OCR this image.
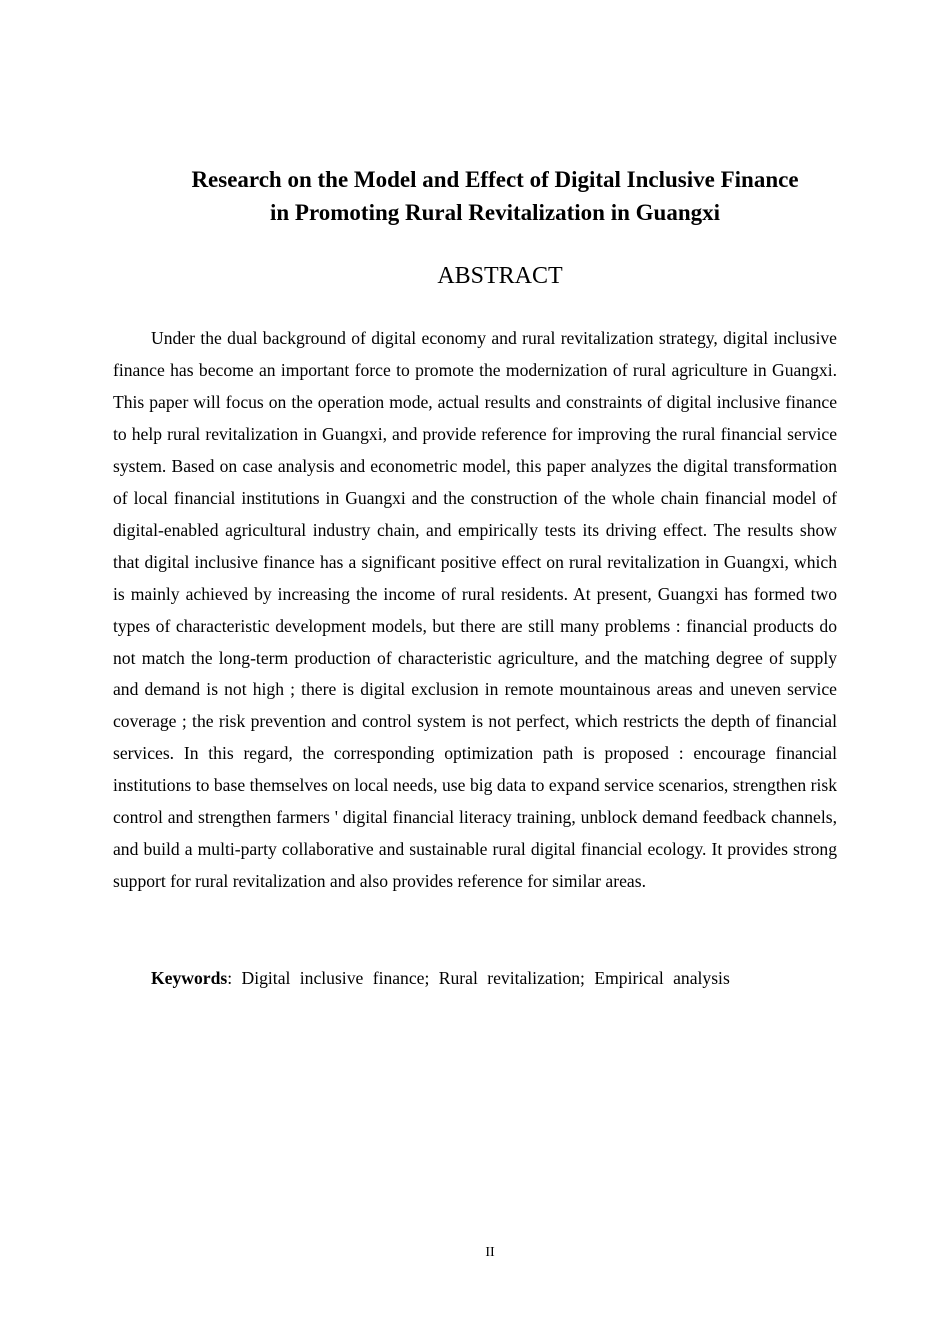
Research on the Model and Effect of Digital Inclusive Finance
in Promoting Rural Revitalization in Guangxi
ABSTRACT

Under the dual background of digital economy and rural revitalization strategy, digital inclusive finance has become an important force to promote the modernization of rural agriculture in Guangxi. This paper will focus on the operation mode, actual results and constraints of digital inclusive finance to help rural revitalization in Guangxi, and provide reference for improving the rural financial service system. Based on case analysis and econometric model, this paper analyzes the digital transformation of local financial institutions in Guangxi and the construction of the whole chain financial model of digital-enabled agricultural industry chain, and empirically tests its driving effect. The results show that digital inclusive finance has a significant positive effect on rural revitalization in Guangxi, which is mainly achieved by increasing the income of rural residents. At present, Guangxi has formed two types of characteristic development models, but there are still many problems : financial products do not match the long-term production of characteristic agriculture, and the matching degree of supply and demand is not high ; there is digital exclusion in remote mountainous areas and uneven service coverage ; the risk prevention and control system is not perfect, which restricts the depth of financial services. In this regard, the corresponding optimization path is proposed : encourage financial institutions to base themselves on local needs, use big data to expand service scenarios, strengthen risk control and strengthen farmers ' digital financial literacy training, unblock demand feedback channels, and build a multi-party collaborative and sustainable rural digital financial ecology. It provides strong support for rural revitalization and also provides reference for similar areas.

Keywords: Digital inclusive finance; Rural revitalization; Empirical analysis

II
